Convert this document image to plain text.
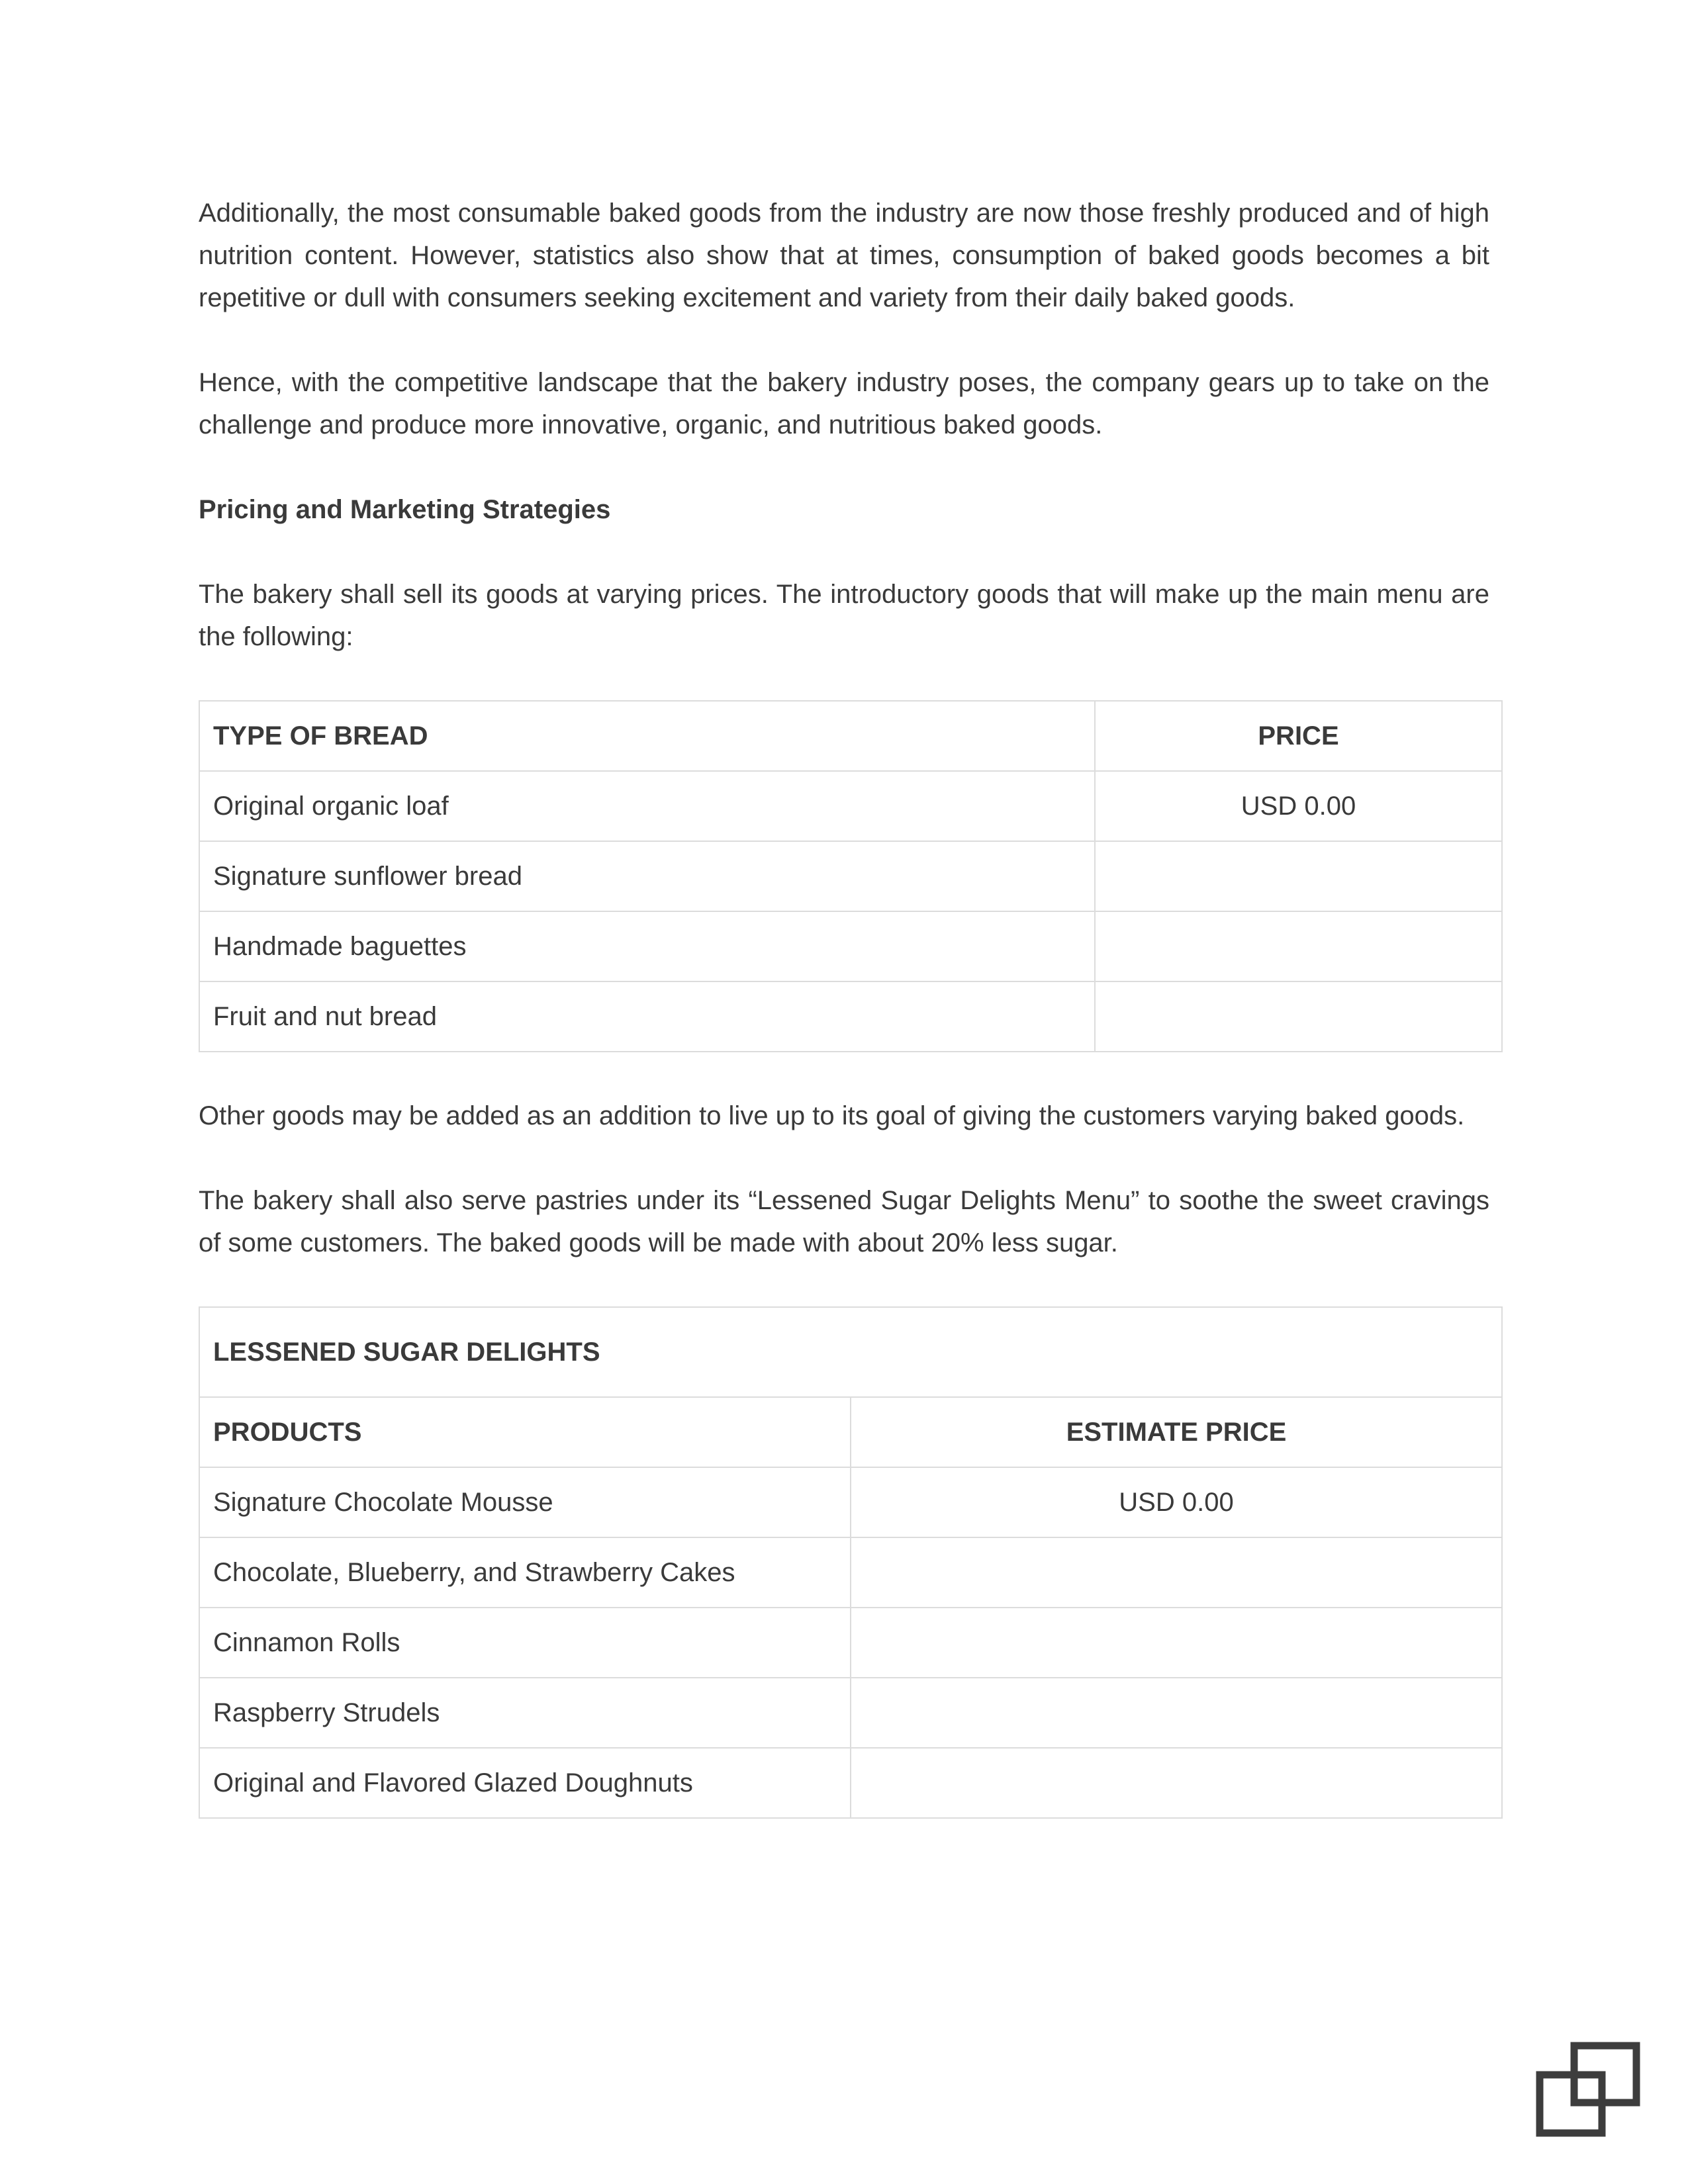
Additionally, the most consumable baked goods from the industry are now those freshly produced and of high nutrition content. However, statistics also show that at times, consumption of baked goods becomes a bit repetitive or dull with consumers seeking excitement and variety from their daily baked goods.

Hence, with the competitive landscape that the bakery industry poses, the company gears up to take on the challenge and produce more innovative, organic, and nutritious baked goods.

Pricing and Marketing Strategies

The bakery shall sell its goods at varying prices. The introductory goods that will make up the main menu are the following:

TYPE OF BREAD	PRICE
Original organic loaf	USD 0.00
Signature sunflower bread	
Handmade baguettes	
Fruit and nut bread	

Other goods may be added as an addition to live up to its goal of giving the customers varying baked goods.

The bakery shall also serve pastries under its “Lessened Sugar Delights Menu” to soothe the sweet cravings of some customers. The baked goods will be made with about 20% less sugar.

LESSENED SUGAR DELIGHTS	
PRODUCTS	ESTIMATE PRICE
Signature Chocolate Mousse	USD 0.00
Chocolate, Blueberry, and Strawberry Cakes	
Cinnamon Rolls	
Raspberry Strudels	
Original and Flavored Glazed Doughnuts	
